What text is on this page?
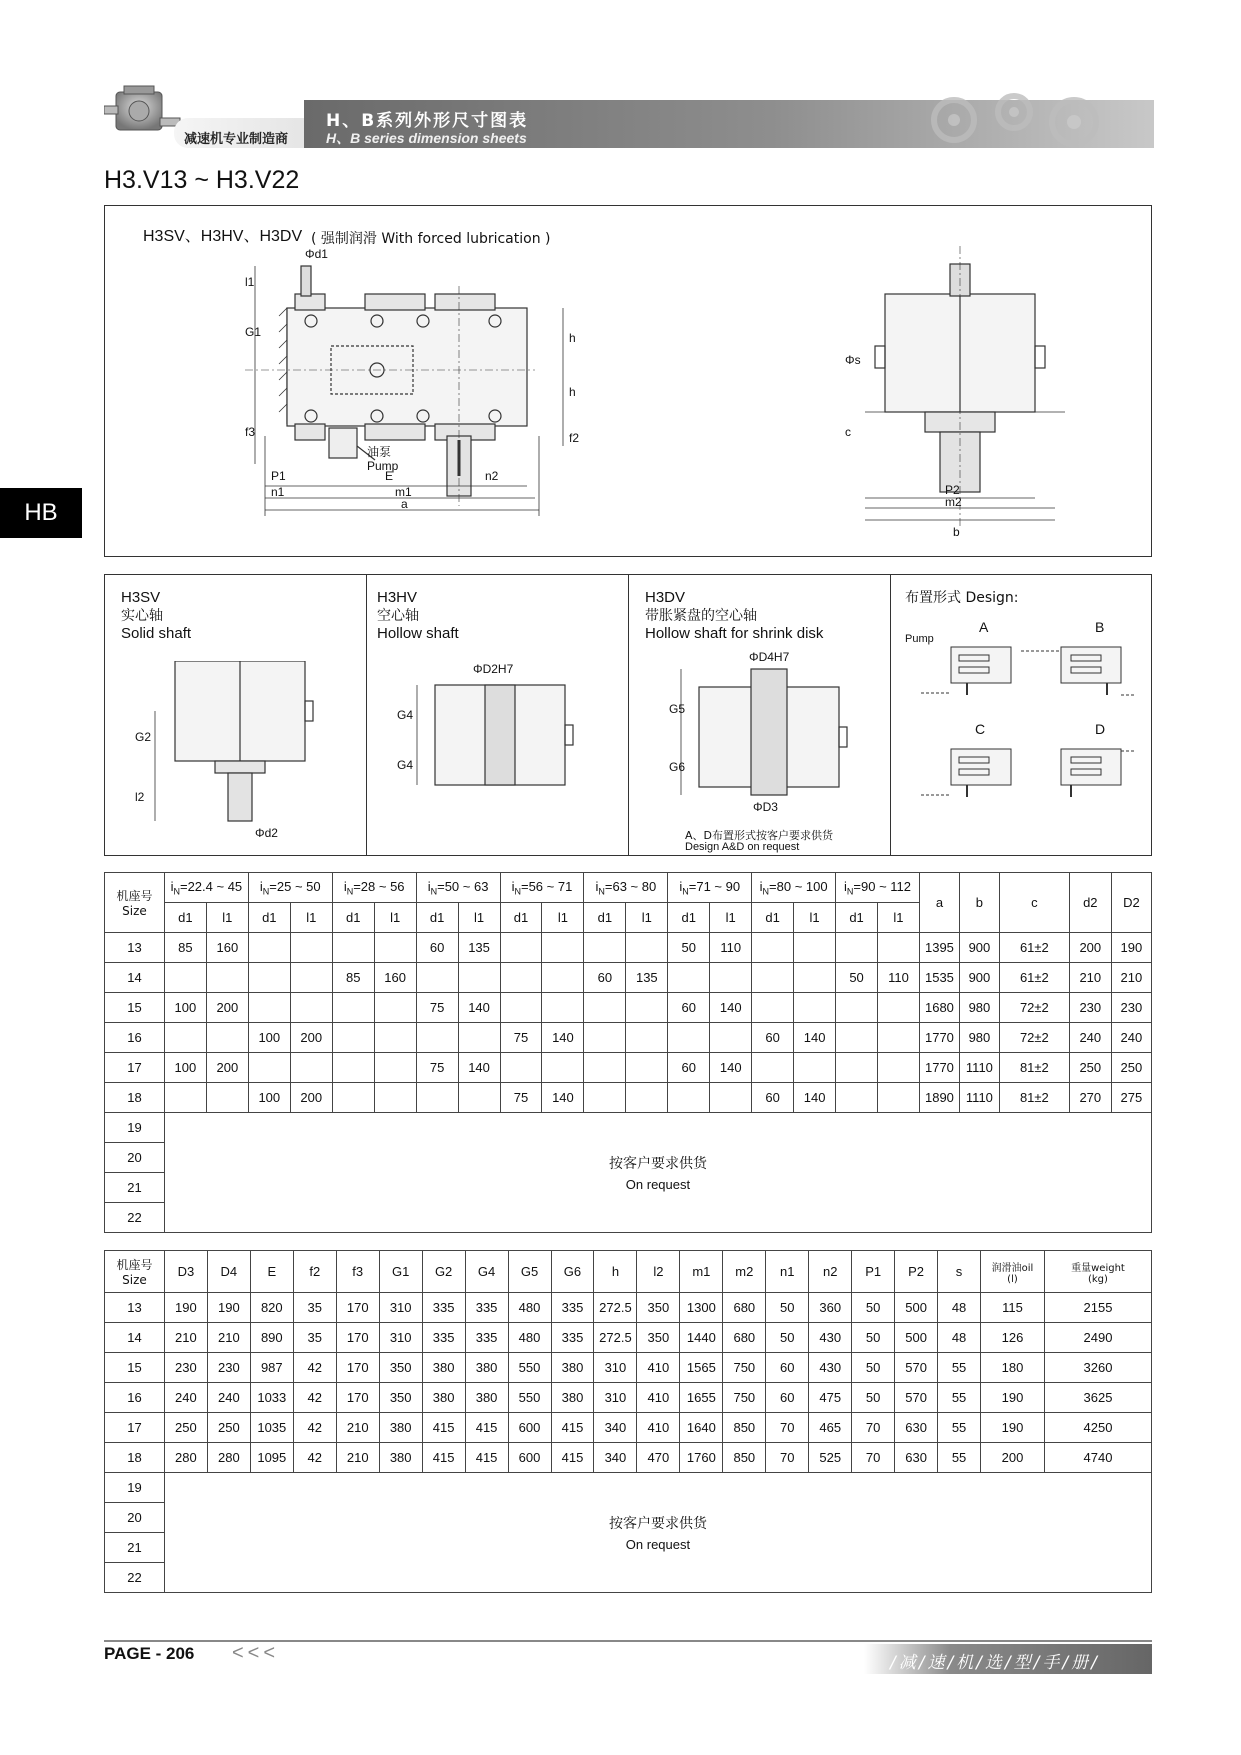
减速机专业制造商
H、B系列外形尺寸图表
H、B series dimension sheets
H3.V13 ~ H3.V22
HB
H3SV、H3HV、H3DV ( 强制润滑 With forced lubrication )
Φd1
l1
G1
f3
P1
n1
E	n2
m1
a
h
h
f2
油泵
Pump
Φs
c
P2
m2
b
H3SV
实心轴
Solid shaft
G2
l2
Φd2
H3HV
空心轴
Hollow shaft
ΦD2H7
G4
G4
H3DV
带胀紧盘的空心轴
Hollow shaft for shrink disk
ΦD4H7
G5
G6
ΦD3
A、D布置形式按客户要求供货
Design A&D on request
布置形式 Design:
Pump
A	B
C	D
机座号
Size	$i_N=22.4$ ~ 45		$i_N=25$ ~ 50		$i_N=28$ ~ 56		$i_N=50$ ~ 63		$i_N=56$ ~ 71		$i_N=63$ ~ 80		$i_N=71$ ~ 90		$i_N=80$ ~ 100		$i_N=90$ ~ 112		a	b	c	d2	D2
	d1	l1	d1	l1	d1	l1	d1	l1	d1	l1	d1	l1	d1	l1	d1	l1	d1	l1					
13	85	160					60	135					50	110					1395	900	61±2	200	190
14					85	160					60	135					50	110	1535	900	61±2	210	210
15	100	200					75	140					60	140					1680	980	72±2	230	230
16			100	200					75	140					60	140			1770	980	72±2	240	240
17	100	200					75	140					60	140					1770	1110	81±2	250	250
18			100	200					75	140					60	140			1890	1110	81±2	270	275
19	按客户要求供货
On request																						

20																							
21																							
22																							
机座号
Size	D3	D4	E	f2	f3	G1	G2	G4	G5	G6	h	l2	m1	m2	n1	n2	P1	P2	s	润滑油oil
(l)	重量weight
(kg)
13	190	190	820	35	170	310	335	335	480	335	272.5	350	1300	680	50	360	50	500	48	115	2155
14	210	210	890	35	170	310	335	335	480	335	272.5	350	1440	680	50	430	50	500	48	126	2490
15	230	230	987	42	170	350	380	380	550	380	310	410	1565	750	60	430	50	570	55	180	3260
16	240	240	1033	42	170	350	380	380	550	380	310	410	1655	750	60	475	50	570	55	190	3625
17	250	250	1035	42	210	380	415	415	600	415	340	410	1640	850	70	465	70	630	55	190	4250
18	280	280	1095	42	210	380	415	415	600	415	340	470	1760	850	70	525	70	630	55	200	4740
19	按客户要求供货
On request																				

20																					
21																					
22																					
PAGE - 206 <<<	/减/速/机/选/型/手/册/
